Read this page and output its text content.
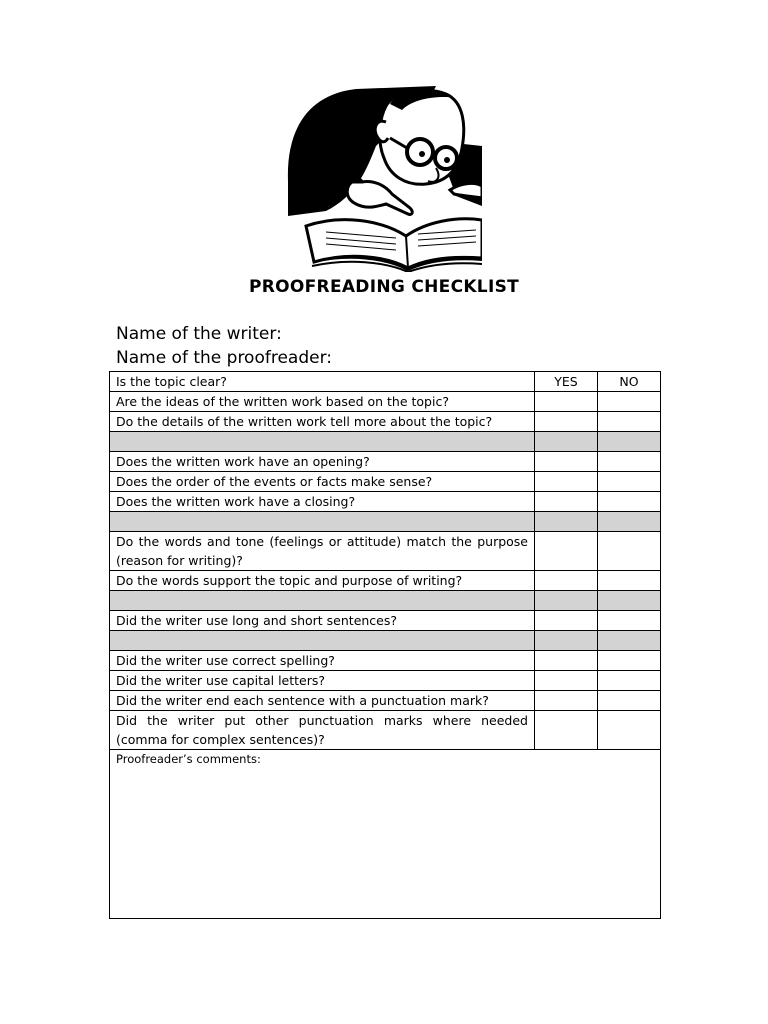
PROOFREADING CHECKLIST
Name of the writer:
Name of the proofreader:
Is the topic clear?	YES	NO
Are the ideas of the written work based on the topic?		
Do the details of the written work tell more about the topic?		

Does the written work have an opening?		
Does the order of the events or facts make sense?		
Does the written work have a closing?		

Do the words and tone (feelings or attitude) match the purpose (reason for writing)?		
Do the words support the topic and purpose of writing?		

Did the writer use long and short sentences?		

Did the writer use correct spelling?		
Did the writer use capital letters?		
Did the writer end each sentence with a punctuation mark?		
Did the writer put other punctuation marks where needed (comma for complex sentences)?		
Proofreader’s comments:		
